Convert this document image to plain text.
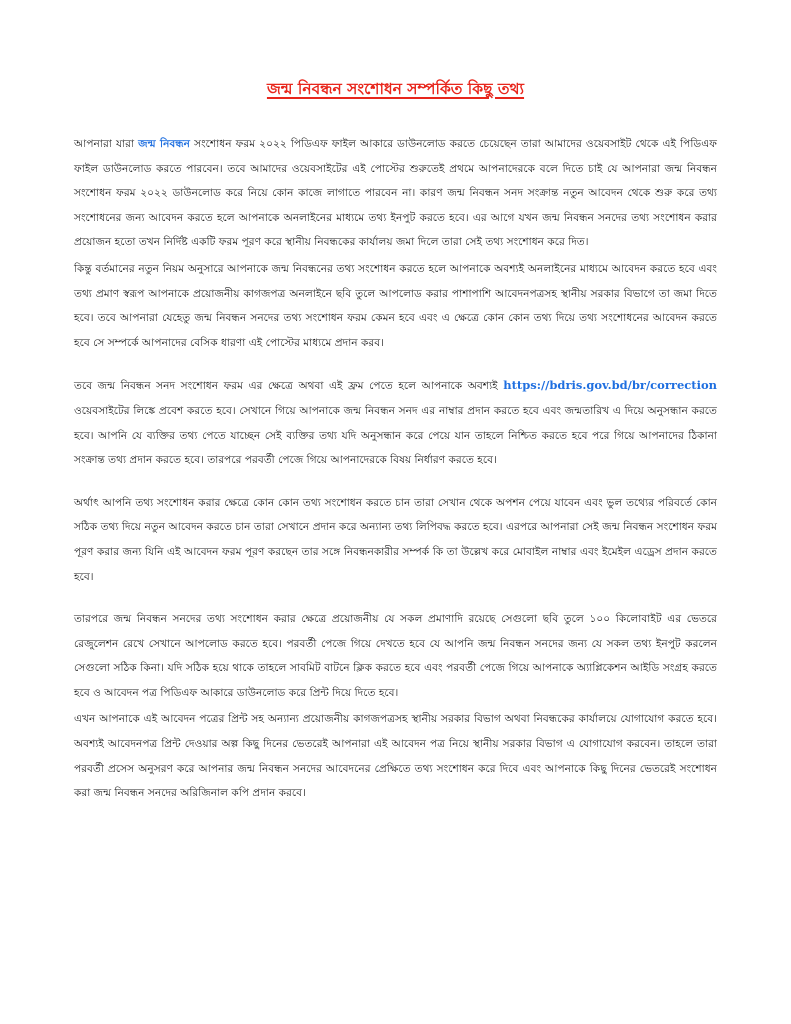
জন্ম নিবন্ধন সংশোধন সম্পর্কিত কিছু তথ্য

আপনারা যারা জন্ম নিবন্ধন সংশোধন ফরম ২০২২ পিডিএফ ফাইল আকারে ডাউনলোড করতে চেয়েছেন তারা আমাদের ওয়েবসাইট থেকে এই পিডিএফ ফাইল ডাউনলোড করতে পারবেন। তবে আমাদের ওয়েবসাইটের এই পোস্টের শুরুতেই প্রথমে আপনাদেরকে বলে দিতে চাই যে আপনারা জন্ম নিবন্ধন সংশোধন ফরম ২০২২ ডাউনলোড করে নিয়ে কোন কাজে লাগাতে পারবেন না। কারণ জন্ম নিবন্ধন সনদ সংক্রান্ত নতুন আবেদন থেকে শুরু করে তথ্য সংশোধনের জন্য আবেদন করতে হলে আপনাকে অনলাইনের মাধ্যমে তথ্য ইনপুট করতে হবে। এর আগে যখন জন্ম নিবন্ধন সনদের তথ্য সংশোধন করার প্রয়োজন হতো তখন নির্দিষ্ট একটি ফরম পূরণ করে স্থানীয় নিবন্ধকের কার্যালয় জমা দিলে তারা সেই তথ্য সংশোধন করে দিত।

কিন্তু বর্তমানের নতুন নিয়ম অনুসারে আপনাকে জন্ম নিবন্ধনের তথ্য সংশোধন করতে হলে আপনাকে অবশ্যই অনলাইনের মাধ্যমে আবেদন করতে হবে এবং তথ্য প্রমাণ স্বরূপ আপনাকে প্রয়োজনীয় কাগজপত্র অনলাইনে ছবি তুলে আপলোড করার পাশাপাশি আবেদনপত্রসহ স্থানীয় সরকার বিভাগে তা জমা দিতে হবে। তবে আপনারা যেহেতু জন্ম নিবন্ধন সনদের তথ্য সংশোধন ফরম কেমন হবে এবং এ ক্ষেত্রে কোন কোন তথ্য দিয়ে তথ্য সংশোধনের আবেদন করতে হবে সে সম্পর্কে আপনাদের বেসিক ধারণা এই পোস্টের মাধ্যমে প্রদান করব।

তবে জন্ম নিবন্ধন সনদ সংশোধন ফরম এর ক্ষেত্রে অথবা এই ফ্রম পেতে হলে আপনাকে অবশ্যই https://bdris.gov.bd/br/correction ওয়েবসাইটের লিঙ্কে প্রবেশ করতে হবে। সেখানে গিয়ে আপনাকে জন্ম নিবন্ধন সনদ এর নাম্বার প্রদান করতে হবে এবং জন্মতারিখ এ দিয়ে অনুসন্ধান করতে হবে। আপনি যে ব্যক্তির তথ্য পেতে যাচ্ছেন সেই ব্যক্তির তথ্য যদি অনুসন্ধান করে পেয়ে যান তাহলে নিশ্চিত করতে হবে পরে গিয়ে আপনাদের ঠিকানা সংক্রান্ত তথ্য প্রদান করতে হবে। তারপরে পরবর্তী পেজে গিয়ে আপনাদেরকে বিষয় নির্ধারণ করতে হবে।

অর্থাৎ আপনি তথ্য সংশোধন করার ক্ষেত্রে কোন কোন তথ্য সংশোধন করতে চান তারা সেখান থেকে অপশন পেয়ে যাবেন এবং ভুল তথ্যের পরিবর্তে কোন সঠিক তথ্য দিয়ে নতুন আবেদন করতে চান তারা সেখানে প্রদান করে অন্যান্য তথ্য লিপিবদ্ধ করতে হবে। এরপরে আপনারা সেই জন্ম নিবন্ধন সংশোধন ফরম পূরণ করার জন্য যিনি এই আবেদন ফরম পূরণ করছেন তার সঙ্গে নিবন্ধনকারীর সম্পর্ক কি তা উল্লেখ করে মোবাইল নাম্বার এবং ইমেইল এড্রেস প্রদান করতে হবে।

তারপরে জন্ম নিবন্ধন সনদের তথ্য সংশোধন করার ক্ষেত্রে প্রয়োজনীয় যে সকল প্রমাণাদি রয়েছে সেগুলো ছবি তুলে ১০০ কিলোবাইট এর ভেতরে রেজুলেশন রেখে সেখানে আপলোড করতে হবে। পরবর্তী পেজে গিয়ে দেখতে হবে যে আপনি জন্ম নিবন্ধন সনদের জন্য যে সকল তথ্য ইনপুট করলেন সেগুলো সঠিক কিনা। যদি সঠিক হয়ে থাকে তাহলে সাবমিট বাটনে ক্লিক করতে হবে এবং পরবর্তী পেজে গিয়ে আপনাকে অ্যাপ্লিকেশন আইডি সংগ্রহ করতে হবে ও আবেদন পত্র পিডিএফ আকারে ডাউনলোড করে প্রিন্ট দিয়ে দিতে হবে।

এখন আপনাকে এই আবেদন পত্রের প্রিন্ট সহ অন্যান্য প্রয়োজনীয় কাগজপত্রসহ স্থানীয় সরকার বিভাগ অথবা নিবন্ধকের কার্যালয়ে যোগাযোগ করতে হবে। অবশ্যই আবেদনপত্র প্রিন্ট দেওয়ার অল্প কিছু দিনের ভেতরেই আপনারা এই আবেদন পত্র নিয়ে স্থানীয় সরকার বিভাগ এ যোগাযোগ করবেন। তাহলে তারা পরবর্তী প্রসেস অনুসরণ করে আপনার জন্ম নিবন্ধন সনদের আবেদনের প্রেক্ষিতে তথ্য সংশোধন করে দিবে এবং আপনাকে কিছু দিনের ভেতরেই সংশোধন করা জন্ম নিবন্ধন সনদের অরিজিনাল কপি প্রদান করবে।
